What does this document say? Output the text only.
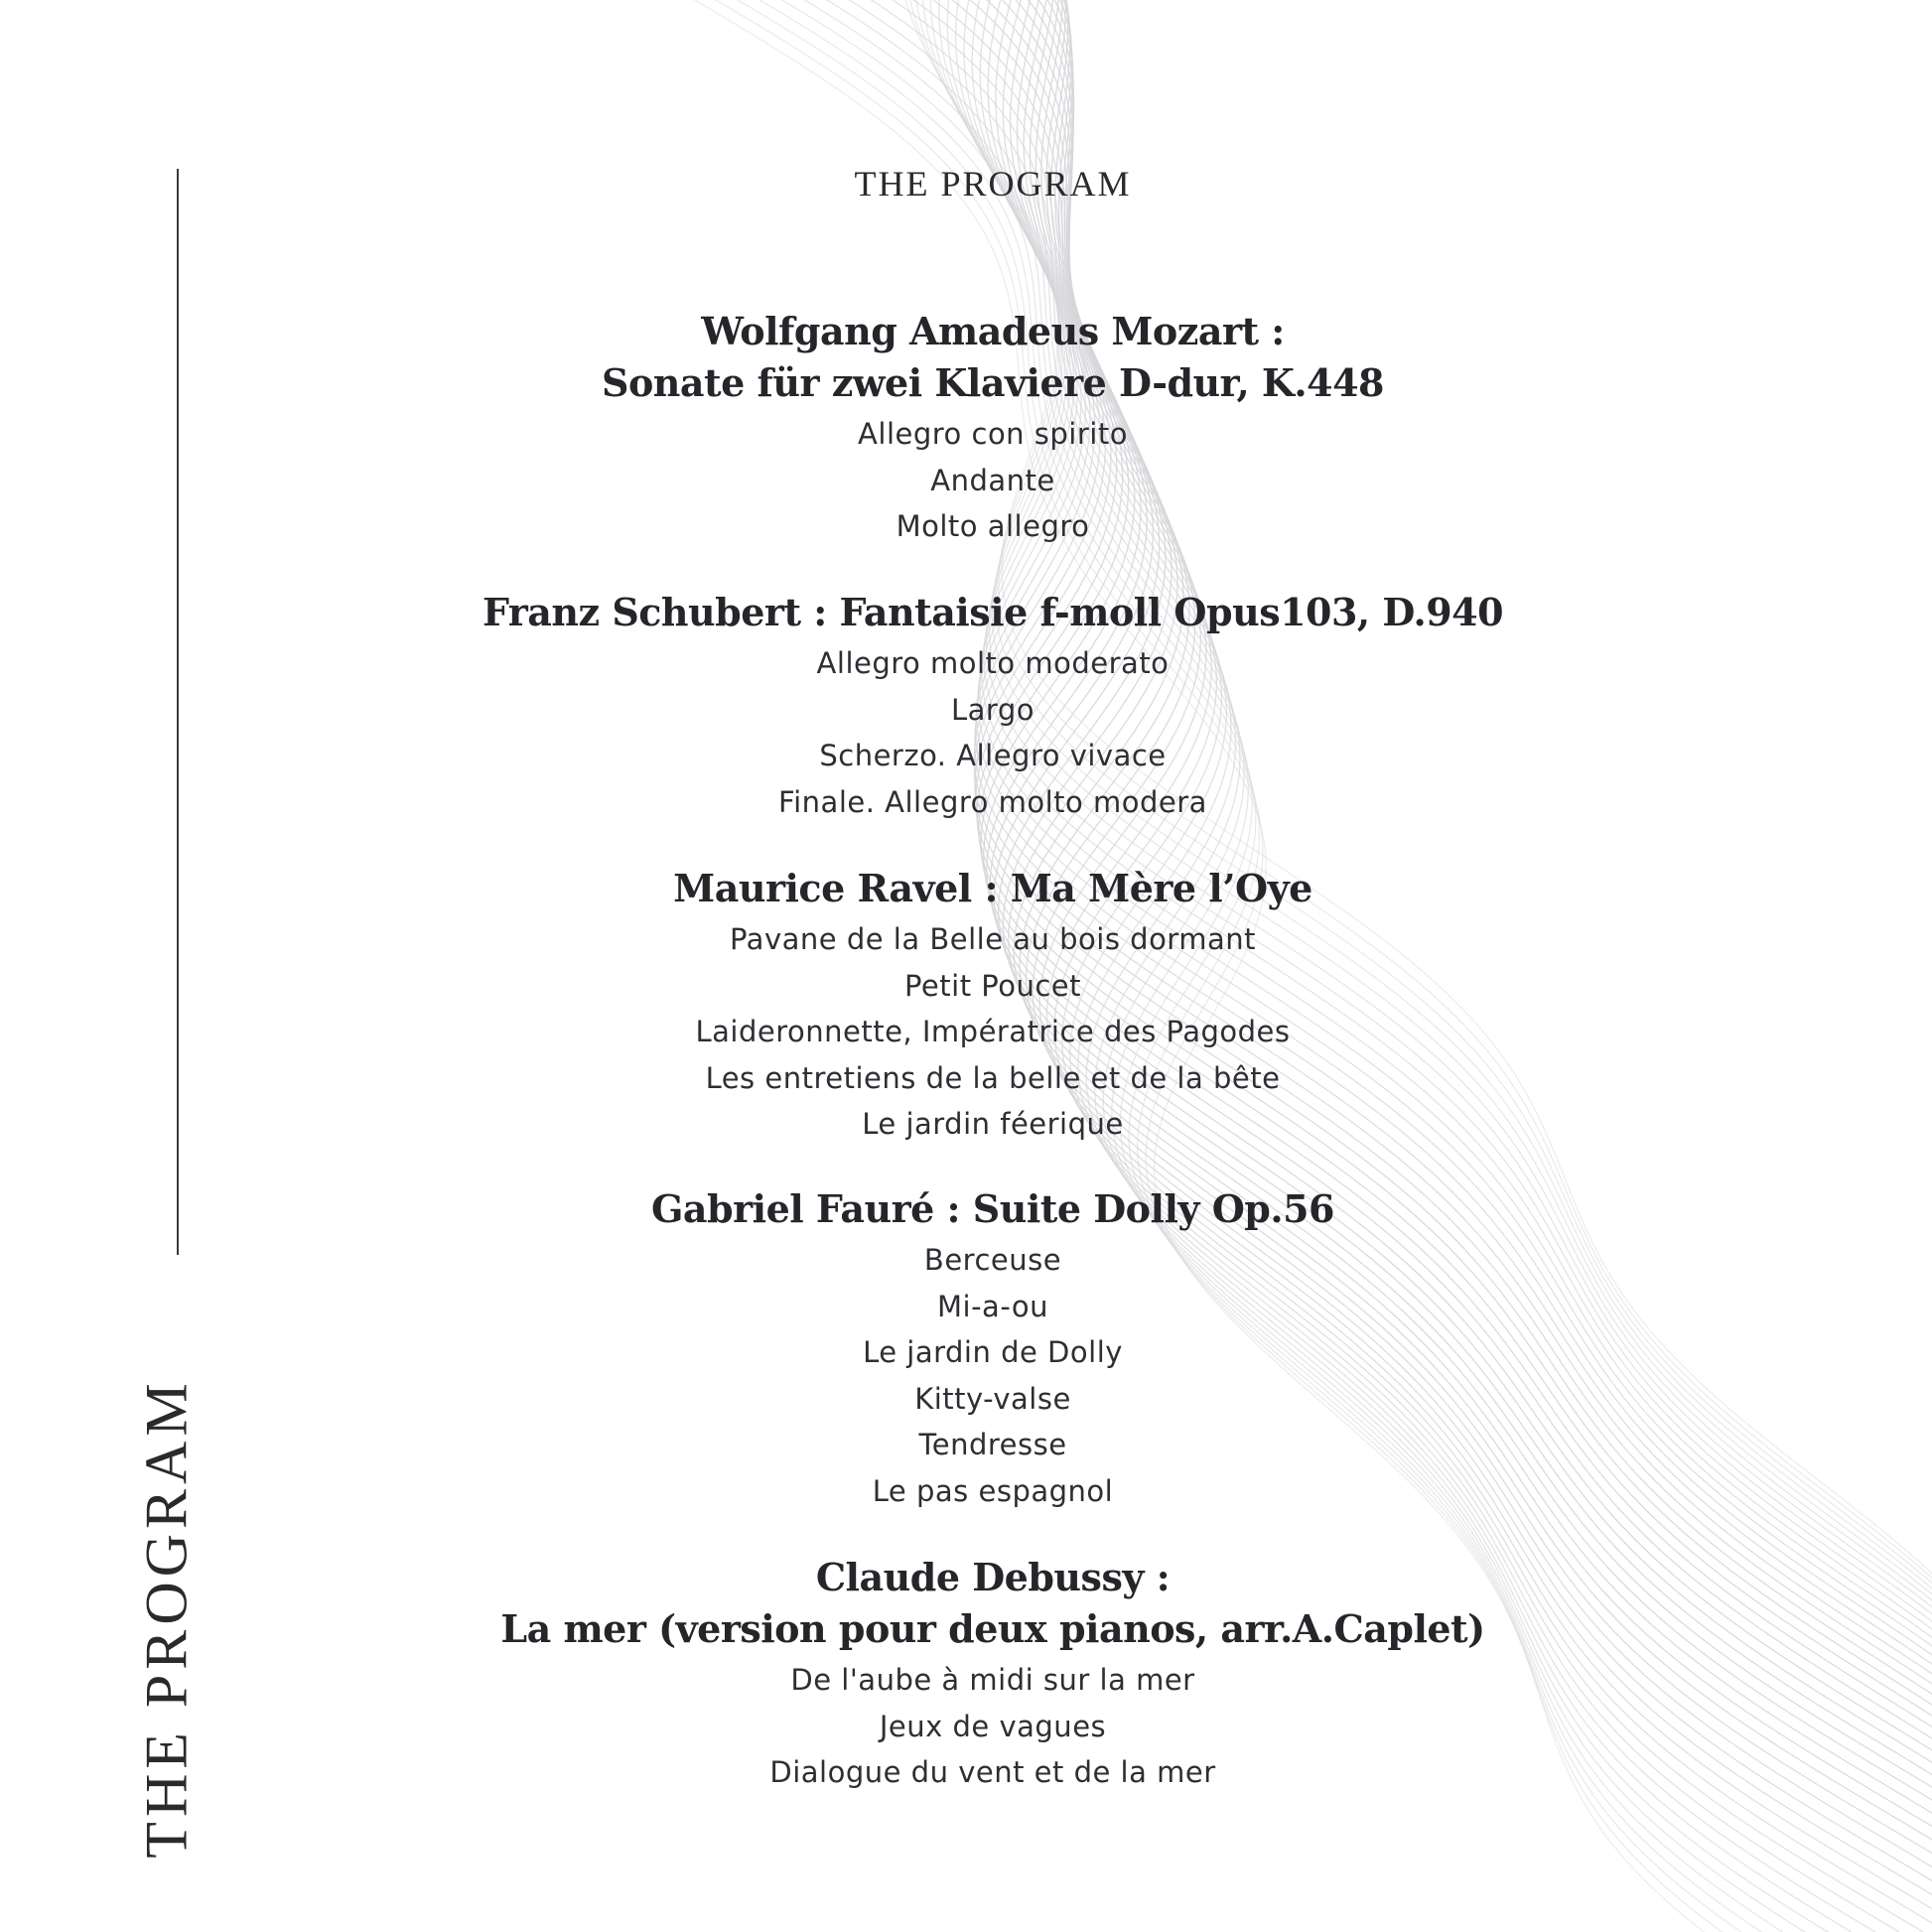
THE PROGRAM
THE PROGRAM
Wolfgang Amadeus Mozart :
Sonate für zwei Klaviere D-dur, K.448
Allegro con spirito
Andante
Molto allegro
Franz Schubert : Fantaisie f-moll Opus103, D.940
Allegro molto moderato
Largo
Scherzo. Allegro vivace
Finale. Allegro molto modera
Maurice Ravel : Ma Mère l’Oye
Pavane de la Belle au bois dormant
Petit Poucet
Laideronnette, Impératrice des Pagodes
Les entretiens de la belle et de la bête
Le jardin féerique
Gabriel Fauré : Suite Dolly Op.56
Berceuse
Mi-a-ou
Le jardin de Dolly
Kitty-valse
Tendresse
Le pas espagnol
Claude Debussy :
La mer (version pour deux pianos, arr.A.Caplet)
De l'aube à midi sur la mer
Jeux de vagues
Dialogue du vent et de la mer
